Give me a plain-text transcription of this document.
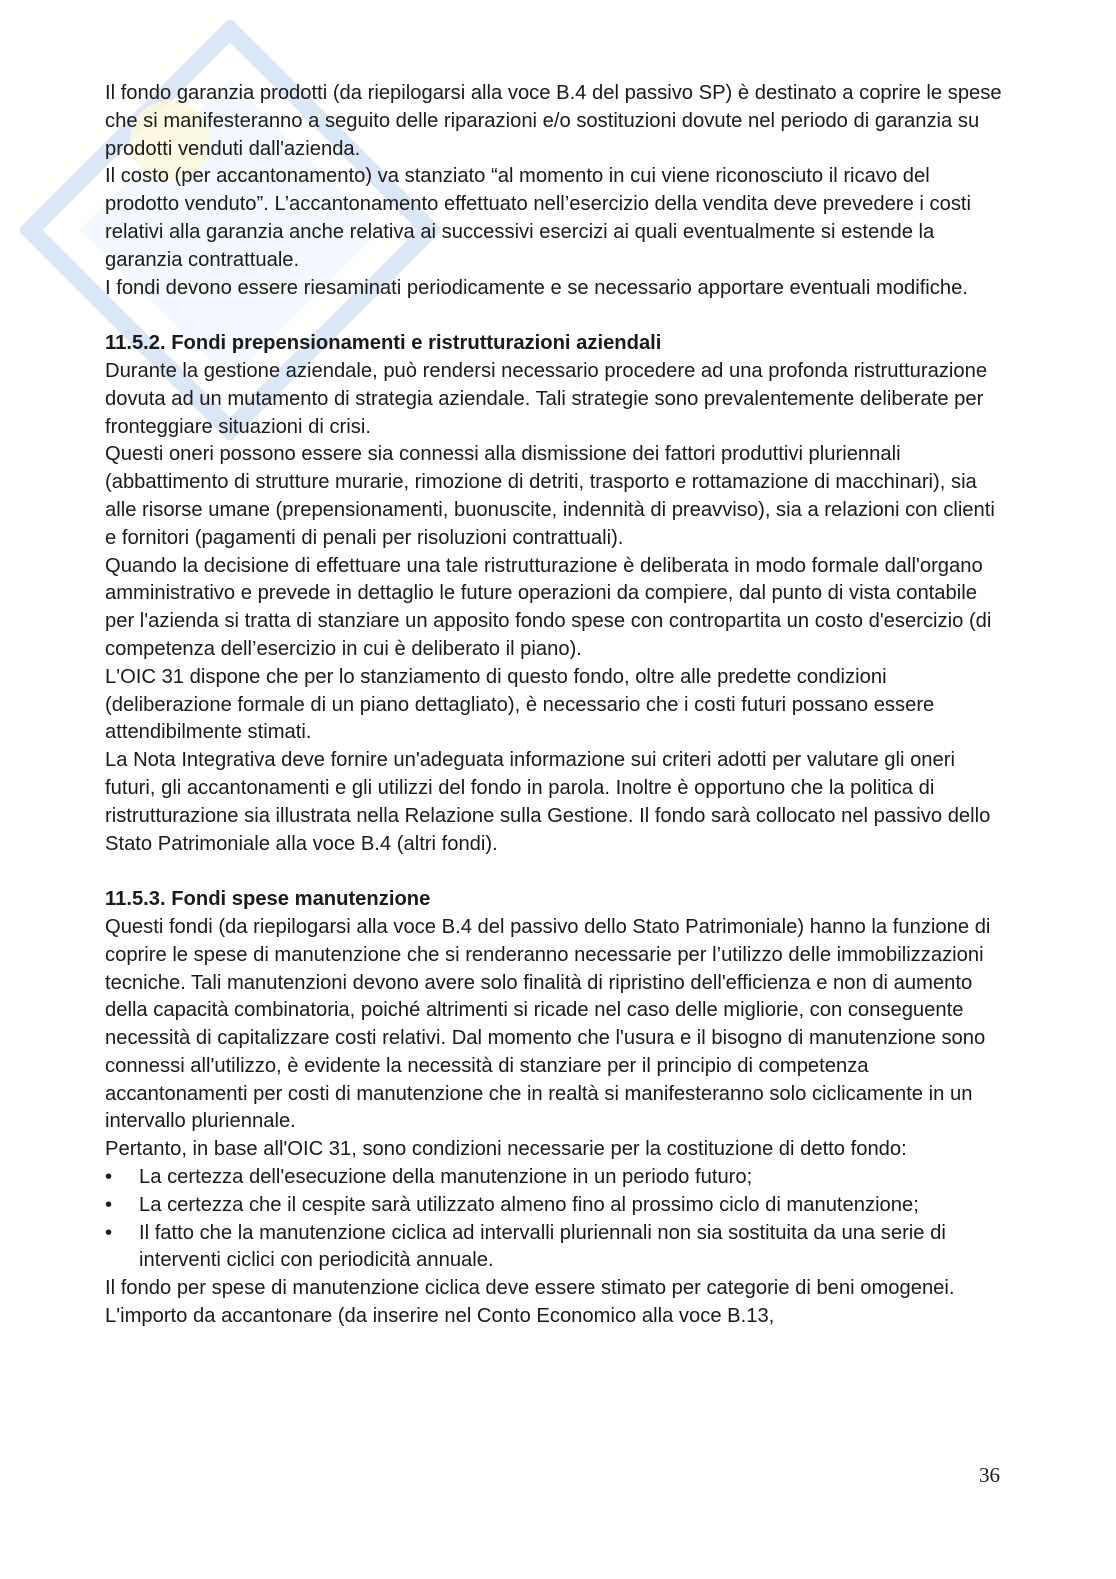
Il fondo garanzia prodotti (da riepilogarsi alla voce B.4 del passivo SP) è destinato a coprire le spese che si manifesteranno a seguito delle riparazioni e/o sostituzioni dovute nel periodo di garanzia su prodotti venduti dall'azienda.

Il costo (per accantonamento) va stanziato “al momento in cui viene riconosciuto il ricavo del prodotto venduto”. L’accantonamento effettuato nell’esercizio della vendita deve prevedere i costi relativi alla garanzia anche relativa ai successivi esercizi ai quali eventualmente si estende la garanzia contrattuale.

I fondi devono essere riesaminati periodicamente e se necessario apportare eventuali modifiche.

11.5.2. Fondi prepensionamenti e ristrutturazioni aziendali

Durante la gestione aziendale, può rendersi necessario procedere ad una profonda ristrutturazione dovuta ad un mutamento di strategia aziendale. Tali strategie sono prevalentemente deliberate per fronteggiare situazioni di crisi.

Questi oneri possono essere sia connessi alla dismissione dei fattori produttivi pluriennali (abbattimento di strutture murarie, rimozione di detriti, trasporto e rottamazione di macchinari), sia alle risorse umane (prepensionamenti, buonuscite, indennità di preavviso), sia a relazioni con clienti e fornitori (pagamenti di penali per risoluzioni contrattuali).

Quando la decisione di effettuare una tale ristrutturazione è deliberata in modo formale dall'organo amministrativo e prevede in dettaglio le future operazioni da compiere, dal punto di vista contabile per l'azienda si tratta di stanziare un apposito fondo spese con contropartita un costo d'esercizio (di competenza dell’esercizio in cui è deliberato il piano).

L'OIC 31 dispone che per lo stanziamento di questo fondo, oltre alle predette condizioni (deliberazione formale di un piano dettagliato), è necessario che i costi futuri possano essere attendibilmente stimati.

La Nota Integrativa deve fornire un'adeguata informazione sui criteri adotti per valutare gli oneri futuri, gli accantonamenti e gli utilizzi del fondo in parola. Inoltre è opportuno che la politica di ristrutturazione sia illustrata nella Relazione sulla Gestione. Il fondo sarà collocato nel passivo dello Stato Patrimoniale alla voce B.4 (altri fondi).

11.5.3. Fondi spese manutenzione

Questi fondi (da riepilogarsi alla voce B.4 del passivo dello Stato Patrimoniale) hanno la funzione di coprire le spese di manutenzione che si renderanno necessarie per l’utilizzo delle immobilizzazioni tecniche. Tali manutenzioni devono avere solo finalità di ripristino dell'efficienza e non di aumento della capacità combinatoria, poiché altrimenti si ricade nel caso delle migliorie, con conseguente necessità di capitalizzare costi relativi. Dal momento che l'usura e il bisogno di manutenzione sono connessi all'utilizzo, è evidente la necessità di stanziare per il principio di competenza accantonamenti per costi di manutenzione che in realtà si manifesteranno solo ciclicamente in un intervallo pluriennale.

Pertanto, in base all'OIC 31, sono condizioni necessarie per la costituzione di detto fondo:

•	La certezza dell'esecuzione della manutenzione in un periodo futuro;
•	La certezza che il cespite sarà utilizzato almeno fino al prossimo ciclo di manutenzione;
•	Il fatto che la manutenzione ciclica ad intervalli pluriennali non sia sostituita da una serie di interventi ciclici con periodicità annuale.

Il fondo per spese di manutenzione ciclica deve essere stimato per categorie di beni omogenei. L'importo da accantonare (da inserire nel Conto Economico alla voce B.13,

36
